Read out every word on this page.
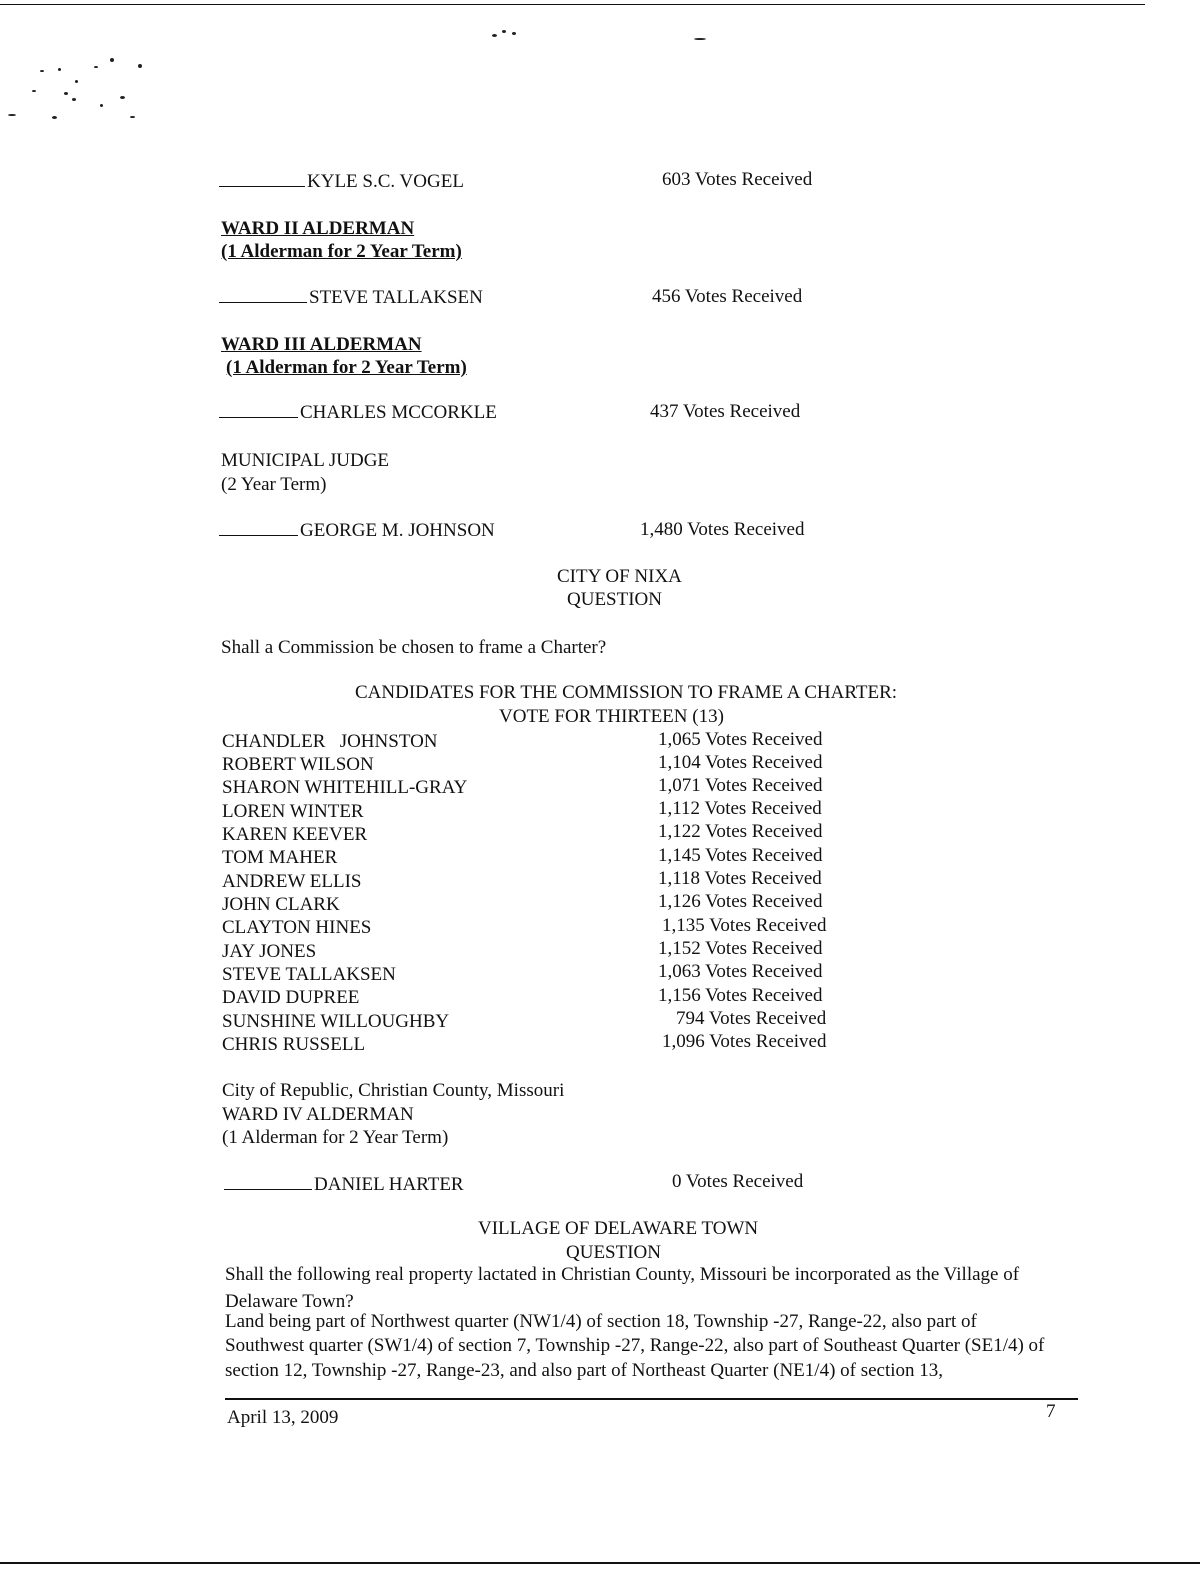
KYLE S.C. VOGEL	603 Votes Received
WARD II ALDERMAN
(1 Alderman for 2 Year Term)
STEVE TALLAKSEN	456 Votes Received
WARD III ALDERMAN
(1 Alderman for 2 Year Term)
CHARLES MCCORKLE	437 Votes Received
MUNICIPAL JUDGE
(2 Year Term)
GEORGE M. JOHNSON	1,480 Votes Received
CITY OF NIXA
QUESTION
Shall a Commission be chosen to frame a Charter?
CANDIDATES FOR THE COMMISSION TO FRAME A CHARTER:
VOTE FOR THIRTEEN (13)
CHANDLER   JOHNSTON	1,065 Votes Received
ROBERT WILSON	1,104 Votes Received
SHARON WHITEHILL-GRAY	1,071 Votes Received
LOREN WINTER	1,112 Votes Received
KAREN KEEVER	1,122 Votes Received
TOM MAHER	1,145 Votes Received
ANDREW ELLIS	1,118 Votes Received
JOHN CLARK	1,126 Votes Received
CLAYTON HINES	1,135 Votes Received
JAY JONES	1,152 Votes Received
STEVE TALLAKSEN	1,063 Votes Received
DAVID DUPREE	1,156 Votes Received
SUNSHINE WILLOUGHBY	794 Votes Received
CHRIS RUSSELL	1,096 Votes Received
City of Republic, Christian County, Missouri
WARD IV ALDERMAN
(1 Alderman for 2 Year Term)
DANIEL HARTER	0 Votes Received
VILLAGE OF DELAWARE TOWN
QUESTION
Shall the following real property lactated in Christian County, Missouri be incorporated as the Village of
Delaware Town?
Land being part of Northwest quarter (NW1/4) of section 18, Township -27, Range-22, also part of
Southwest quarter (SW1/4) of section 7, Township -27, Range-22, also part of Southeast Quarter (SE1/4) of
section 12, Township -27, Range-23, and also part of Northeast Quarter (NE1/4) of section 13,
April 13, 2009	7
